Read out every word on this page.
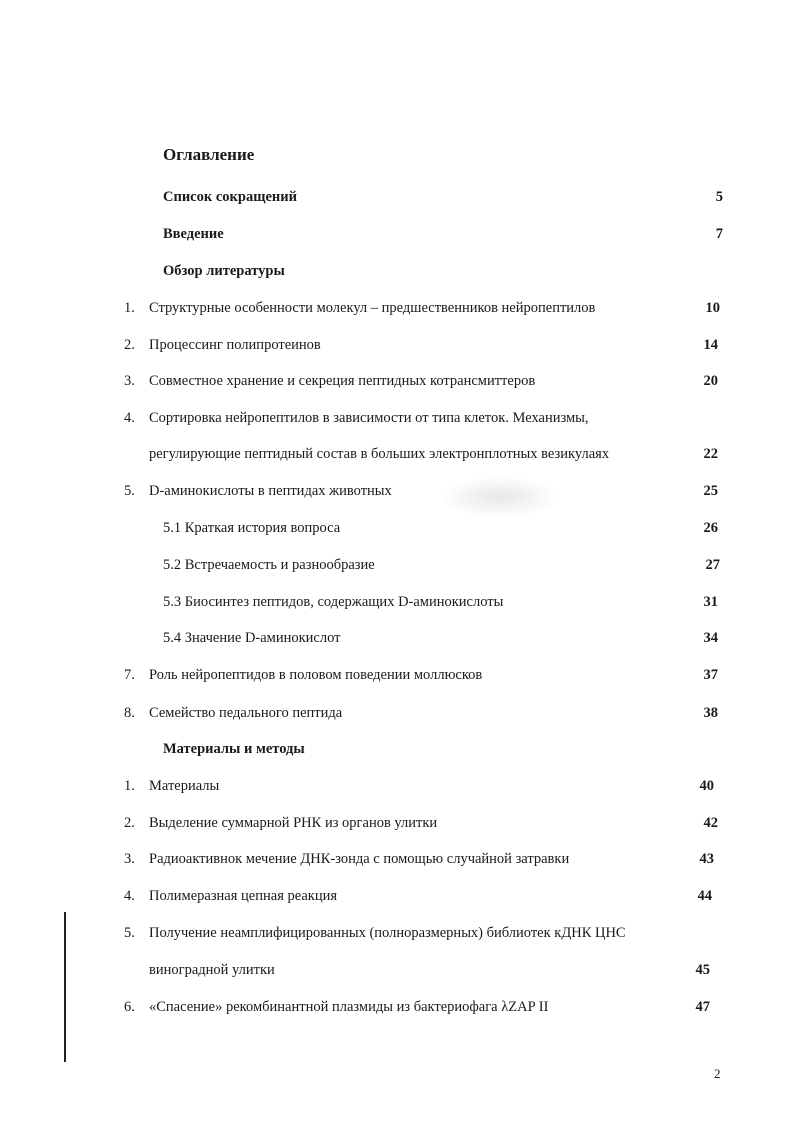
Оглавление
Список сокращений	5
Введение	7
Обзор литературы
1. Структурные особенности молекул – предшественников нейропептилов	10
2. Процессинг полипротеинов	14
3. Совместное хранение и секреция пептидных котрансмиттеров	20
4. Сортировка нейропептилов в зависимости от типа клеток. Механизмы,
регулирующие пептидный состав в больших электронплотных везикулаях	22
5. D-аминокислоты в пептидах животных	25
5.1 Краткая история вопроса	26
5.2 Встречаемость и разнообразие	27
5.3 Биосинтез пептидов, содержащих D-аминокислоты	31
5.4 Значение D-аминокислот	34
7. Роль нейропептидов в половом поведении моллюсков	37
8. Семейство педального пептида	38
Материалы и методы
1. Материалы	40
2. Выделение суммарной РНК из органов улитки	42
3. Радиоактивнок мечение ДНК-зонда с помощью случайной затравки	43
4. Полимеразная цепная реакция	44
5. Получение неамплифицированных (полноразмерных) библиотек кДНК ЦНС
виноградной улитки	45
6. «Спасение» рекомбинантной плазмиды из бактериофага λZAP II	47
2
